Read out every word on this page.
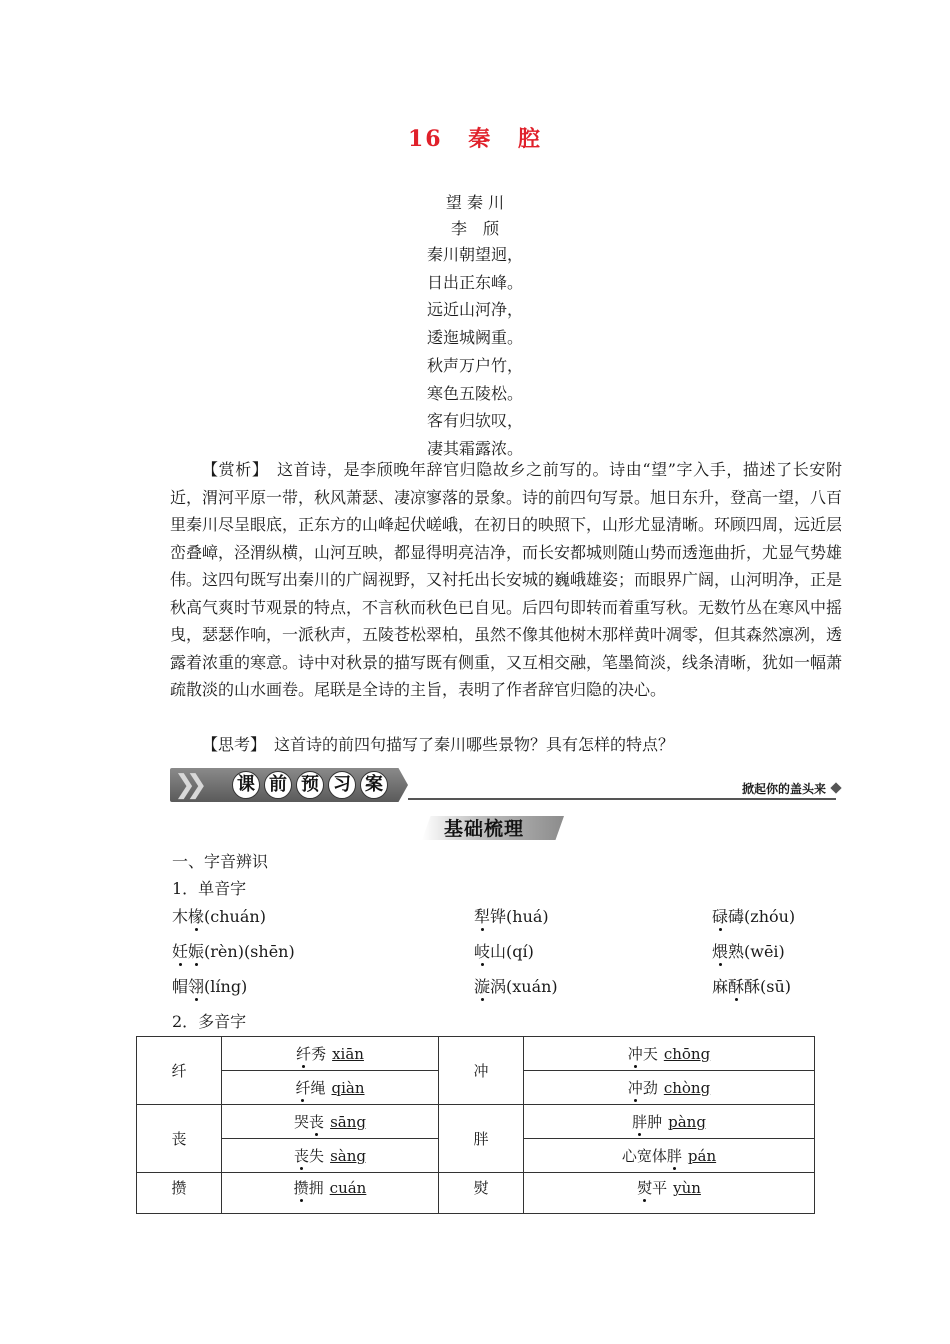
16 秦 腔
望 秦 川
李　颀
秦川朝望迥，
日出正东峰。
远近山河净，
逶迤城阙重。
秋声万户竹，
寒色五陵松。
客有归欤叹，
凄其霜露浓。
【赏析】　 这首诗，是李颀晚年辞官归隐故乡之前写的。诗由“望”字入手，描述了长安附近，渭河平原一带，秋风萧瑟、凄凉寥落的景象。诗的前四句写景。旭日东升，登高一望，八百里秦川尽呈眼底，正东方的山峰起伏嵯峨，在初日的映照下，山形尤显清晰。环顾四周，远近层峦叠嶂，泾渭纵横，山河互映，都显得明亮洁净，而长安都城则随山势而透迤曲折，尤显气势雄伟。这四句既写出秦川的广阔视野，又衬托出长安城的巍峨雄姿；而眼界广阔，山河明净，正是秋高气爽时节观景的特点，不言秋而秋色已自见。后四句即转而着重写秋。无数竹丛在寒风中摇曳，瑟瑟作响，一派秋声，五陵苍松翠柏，虽然不像其他树木那样黄叶凋零，但其森然凛冽，透露着浓重的寒意。诗中对秋景的描写既有侧重，又互相交融，笔墨简淡，线条清晰，犹如一幅萧疏散淡的山水画卷。尾联是全诗的主旨，表明了作者辞官归隐的决心。
【思考】　 这首诗的前四句描写了秦川哪些景物？具有怎样的特点？
❯❯ 课 前 预 习 案	掀起你的盖头来
基础梳理
一、字音辨识
1．单音字
木椽(chuán)	犁铧(huá)	碌碡(zhóu)
妊娠(rèn)(shēn)	岐山(qí)	煨熟(wēi)
帽翎(líng)	漩涡(xuán)	麻酥酥(sū)
2．多音字
纤	纤秀 xiān	冲	冲天 chōng
	纤绳 qiàn		冲劲 chòng
丧	哭丧 sāng	胖	胖肿 pàng
	丧失 sàng		心宽体胖 pán
攒	攒拥 cuán	熨	熨平 yùn
